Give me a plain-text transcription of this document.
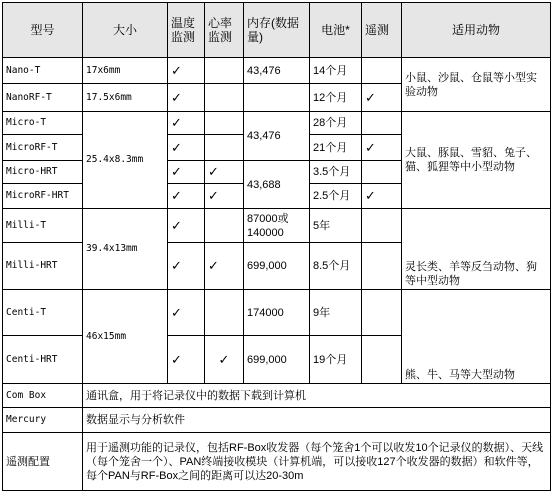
型号	大小	温度监测	心率监测	内存(数据量)	电池*	遥测	适用动物
Nano-T	17x6mm	✓		43,476	14个月		小鼠、沙鼠、仓鼠等小型实验动物
NanoRF-T	17.5x6mm	✓			12个月	✓	
Micro-T	25.4x8.3mm	✓		43,476	28个月		大鼠、豚鼠、雪貂、兔子、猫、狐狸等中小型动物
MicroRF-T		✓			21个月	✓	
Micro-HRT		✓	✓	43,688	3.5个月		
MicroRF-HRT		✓	✓		2.5个月	✓	
Milli-T	39.4x13mm	✓		87000或 140000	5年		灵长类、羊等反刍动物、狗等中型动物
Milli-HRT		✓	✓	699,000	8.5个月		
Centi-T	46x15mm	✓		174000	9年		熊、牛、马等大型动物
Centi-HRT		✓	✓	699,000	19个月		
Com Box	通讯盒，用于将记录仪中的数据下载到计算机						
Mercury	数据显示与分析软件						
遥测配置	用于遥测功能的记录仪，包括RF-Box收发器（每个笼舍1个可以收发10个记录仪的数据）、天线（每个笼舍一个）、PAN终端接收模块（计算机端，可以接收127个收发器的数据）和软件等，每个PAN与RF-Box之间的距离可以达20-30m						
